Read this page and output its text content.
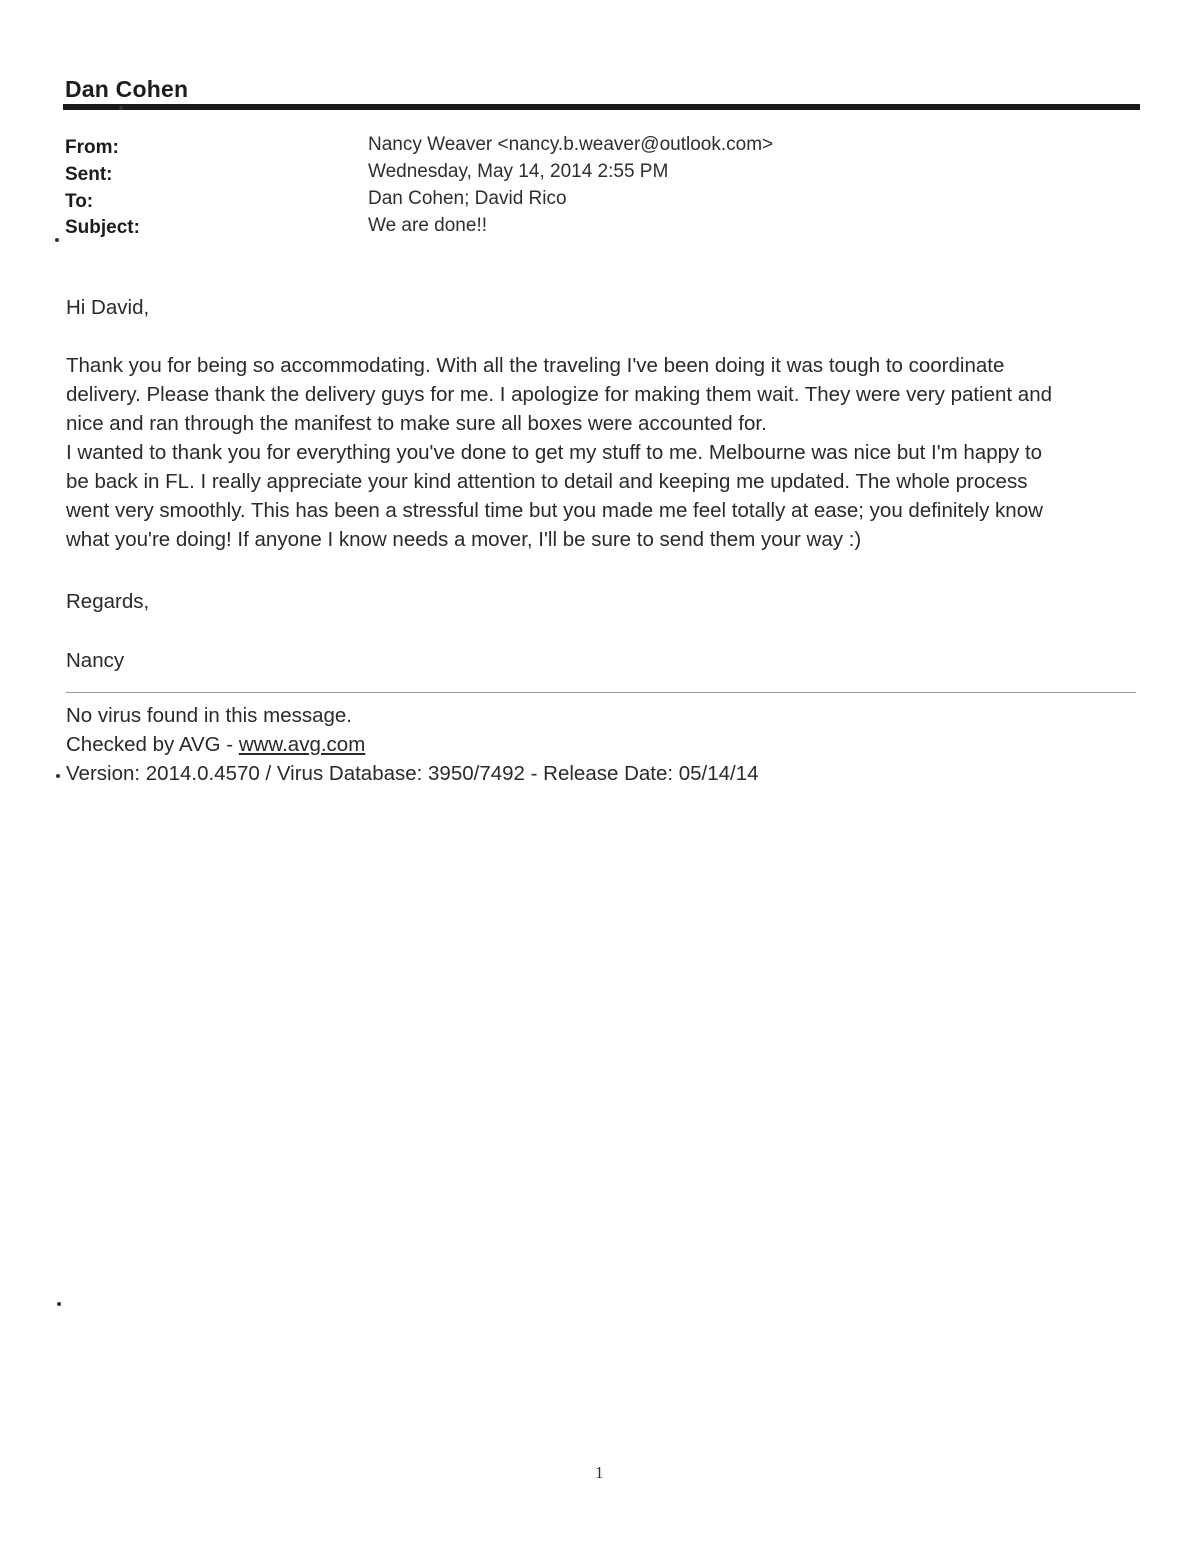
Dan Cohen
From:	Nancy Weaver <nancy.b.weaver@outlook.com>
Sent:	Wednesday, May 14, 2014 2:55 PM
To:	Dan Cohen; David Rico
Subject:	We are done!!
Hi David,
Thank you for being so accommodating. With all the traveling I've been doing it was tough to coordinate
delivery. Please thank the delivery guys for me. I apologize for making them wait. They were very patient and
nice and ran through the manifest to make sure all boxes were accounted for.
I wanted to thank you for everything you've done to get my stuff to me. Melbourne was nice but I'm happy to
be back in FL. I really appreciate your kind attention to detail and keeping me updated. The whole process
went very smoothly. This has been a stressful time but you made me feel totally at ease; you definitely know
what you're doing! If anyone I know needs a mover, I'll be sure to send them your way :)
Regards,
Nancy
No virus found in this message.
Checked by AVG - www.avg.com
Version: 2014.0.4570 / Virus Database: 3950/7492 - Release Date: 05/14/14
1
